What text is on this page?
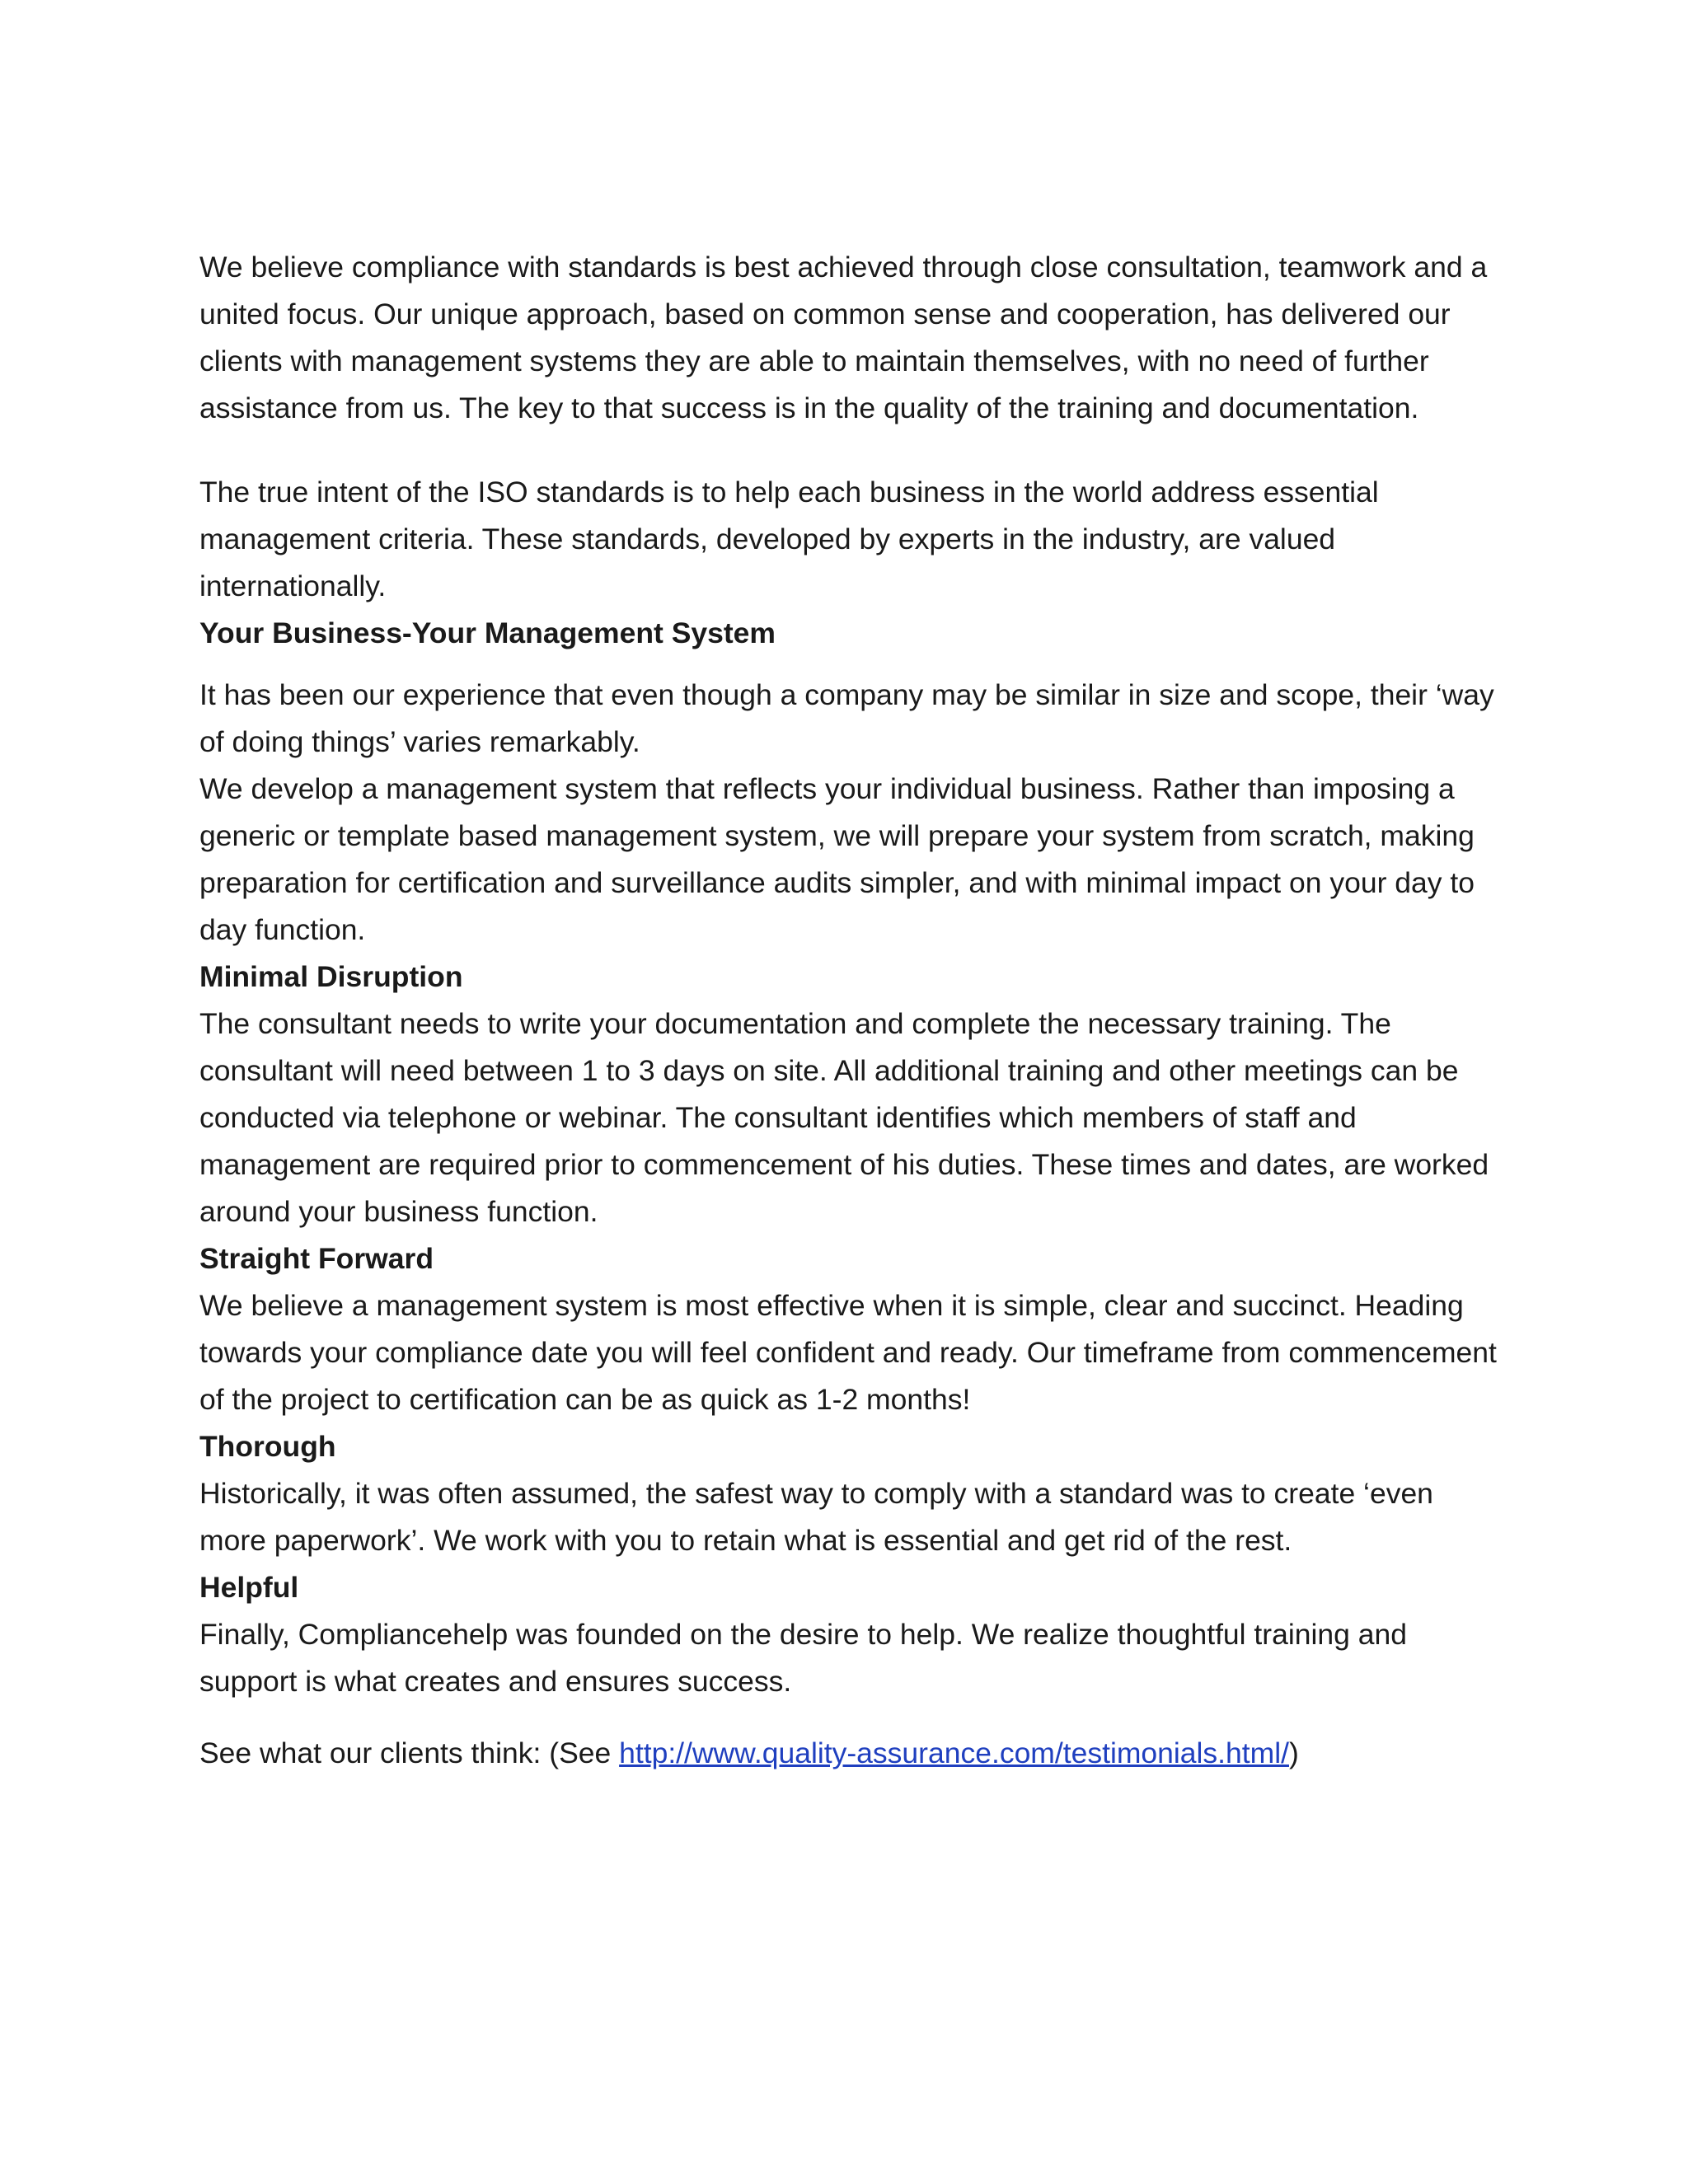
We believe compliance with standards is best achieved through close consultation, teamwork and a united focus. Our unique approach, based on common sense and cooperation, has delivered our clients with management systems they are able to maintain themselves, with no need of further assistance from us. The key to that success is in the quality of the training and documentation.

The true intent of the ISO standards is to help each business in the world address essential management criteria. These standards, developed by experts in the industry, are valued internationally.

Your Business-Your Management System

It has been our experience that even though a company may be similar in size and scope, their ‘way of doing things’ varies remarkably.

We develop a management system that reflects your individual business. Rather than imposing a generic or template based management system, we will prepare your system from scratch, making preparation for certification and surveillance audits simpler, and with minimal impact on your day to day function.

Minimal Disruption

The consultant needs to write your documentation and complete the necessary training. The consultant will need between 1 to 3 days on site. All additional training and other meetings can be conducted via telephone or webinar. The consultant identifies which members of staff and management are required prior to commencement of his duties. These times and dates, are worked around your business function.

Straight Forward

We believe a management system is most effective when it is simple, clear and succinct. Heading towards your compliance date you will feel confident and ready. Our timeframe from commencement of the project to certification can be as quick as 1-2 months!

Thorough

Historically, it was often assumed, the safest way to comply with a standard was to create ‘even more paperwork’. We work with you to retain what is essential and get rid of the rest.

Helpful

Finally, Compliancehelp was founded on the desire to help. We realize thoughtful training and support is what creates and ensures success.

See what our clients think: (See http://www.quality-assurance.com/testimonials.html/)
